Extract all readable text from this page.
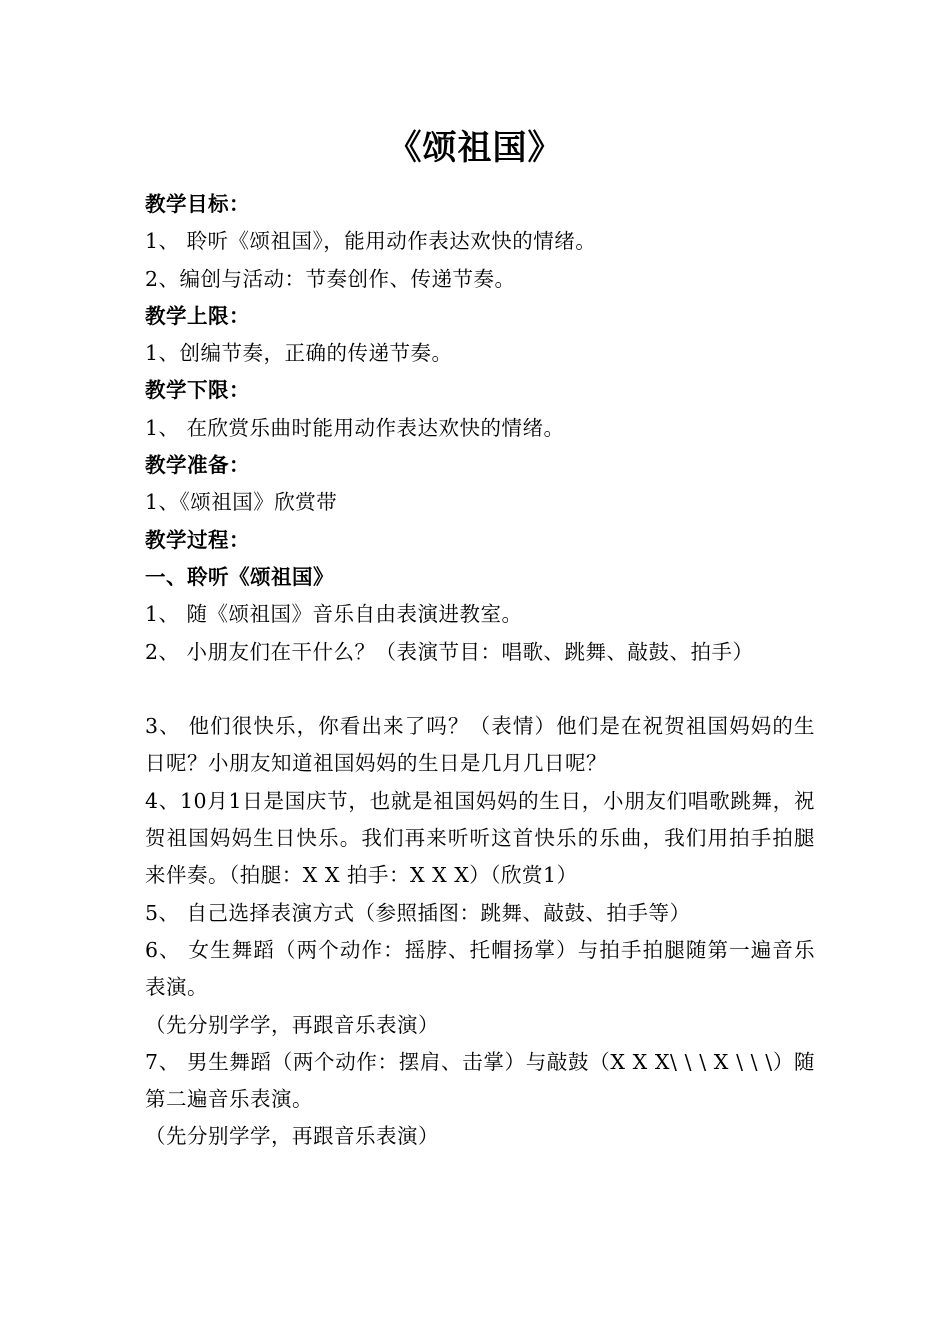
《颂祖国》
教学目标：
1、 聆听《颂祖国》，能用动作表达欢快的情绪。
2、编创与活动：节奏创作、传递节奏。
教学上限：
1、创编节奏，正确的传递节奏。
教学下限：
1、 在欣赏乐曲时能用动作表达欢快的情绪。
教学准备：
1、《颂祖国》欣赏带
教学过程：
一、聆听《颂祖国》
1、 随《颂祖国》音乐自由表演进教室。
2、 小朋友们在干什么？（表演节目：唱歌、跳舞、敲鼓、拍手）
3、 他们很快乐，你看出来了吗？（表情）他们是在祝贺祖国妈妈的生日呢？小朋友知道祖国妈妈的生日是几月几日呢？
4、10月1日是国庆节，也就是祖国妈妈的生日，小朋友们唱歌跳舞，祝贺祖国妈妈生日快乐。我们再来听听这首快乐的乐曲，我们用拍手拍腿来伴奏。（拍腿：X X 拍手：X X X）（欣赏1）
5、 自己选择表演方式（参照插图：跳舞、敲鼓、拍手等）
6、 女生舞蹈（两个动作：摇脖、托帽扬掌）与拍手拍腿随第一遍音乐表演。
（先分别学学，再跟音乐表演）
7、 男生舞蹈（两个动作：摆肩、击掌）与敲鼓（X X X\ \ \ X \ \ \）随第二遍音乐表演。
（先分别学学，再跟音乐表演）
